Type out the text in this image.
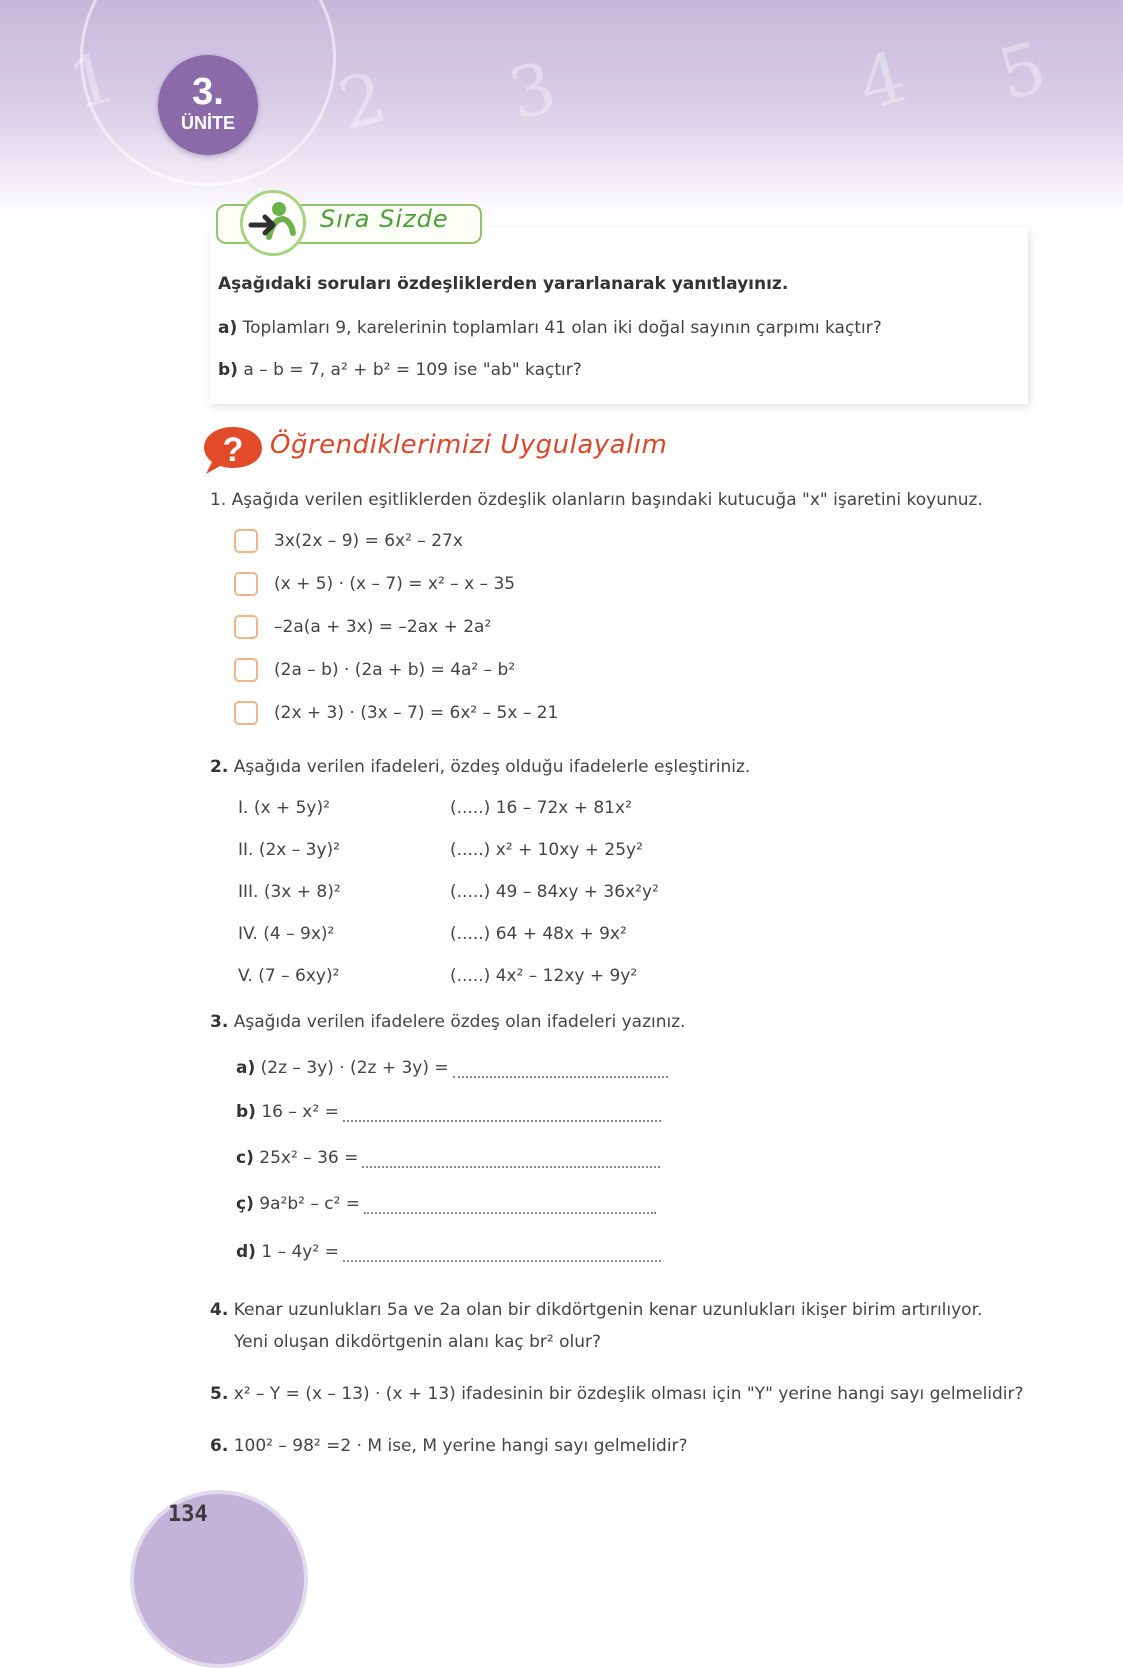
1	2 3	4 5
3.
ÜNİTE
Sıra Sizde
Aşağıdaki soruları özdeşliklerden yararlanarak yanıtlayınız.
a) Toplamları 9, karelerinin toplamları 41 olan iki doğal sayının çarpımı kaçtır?
b) a – b = 7, a² + b² = 109 ise "ab" kaçtır?
? Öğrendiklerimizi Uygulayalım
1. Aşağıda verilen eşitliklerden özdeşlik olanların başındaki kutucuğa "x" işaretini koyunuz.
3x(2x – 9) = 6x² – 27x
(x + 5) · (x – 7) = x² – x – 35
–2a(a + 3x) = –2ax + 2a²
(2a – b) · (2a + b) = 4a² – b²
(2x + 3) · (3x – 7) = 6x² – 5x – 21
2. Aşağıda verilen ifadeleri, özdeş olduğu ifadelerle eşleştiriniz.
I. (x + 5y)²
II. (2x – 3y)²
III. (3x + 8)²
IV. (4 – 9x)²
V. (7 – 6xy)²
(.....) 16 – 72x + 81x²
(.....) x² + 10xy + 25y²
(.....) 49 – 84xy + 36x²y²
(.....) 64 + 48x + 9x²
(.....) 4x² – 12xy + 9y²
3. Aşağıda verilen ifadelere özdeş olan ifadeleri yazınız.
a)
(2z – 3y) · (2z + 3y) =
b)
16 – x² =
c)
25x² – 36 =
ç)
9a²b² – c² =
d)
1 – 4y² =
4. Kenar uzunlukları 5a ve 2a olan bir dikdörtgenin kenar uzunlukları ikişer birim artırılıyor.
Yeni oluşan dikdörtgenin alanı kaç br² olur?
5. x² – Y = (x – 13) · (x + 13) ifadesinin bir özdeşlik olması için "Y" yerine hangi sayı gelmelidir?
6. 100² – 98² =2 · M ise, M yerine hangi sayı gelmelidir?
134
